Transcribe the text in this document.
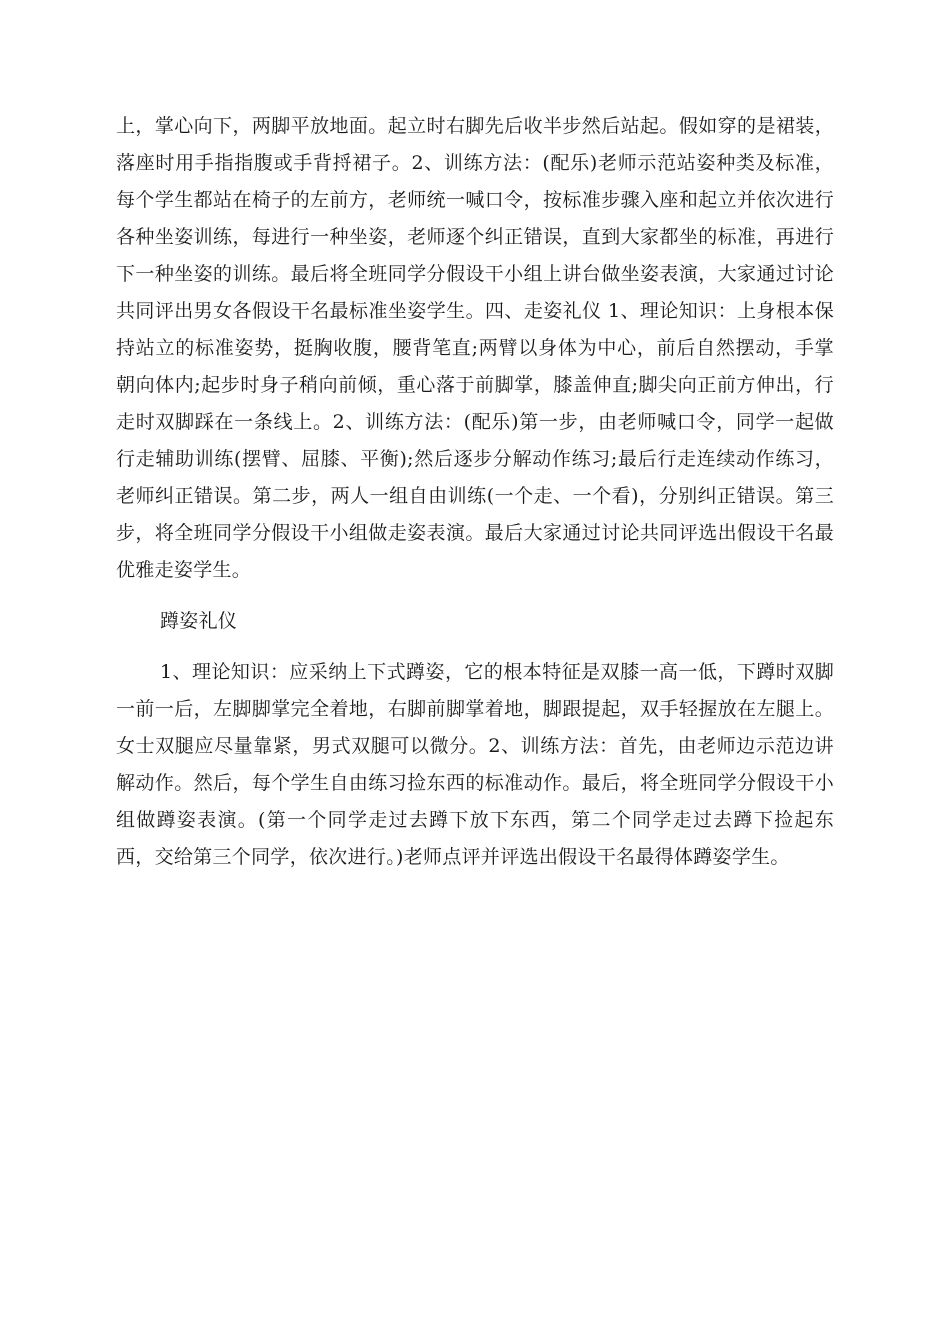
上，掌心向下，两脚平放地面。起立时右脚先后收半步然后站起。假如穿的是裙装，落座时用手指指腹或手背捋裙子。2、训练方法：(配乐)老师示范站姿种类及标准，每个学生都站在椅子的左前方，老师统一喊口令，按标准步骤入座和起立并依次进行各种坐姿训练，每进行一种坐姿，老师逐个纠正错误，直到大家都坐的标准，再进行下一种坐姿的训练。最后将全班同学分假设干小组上讲台做坐姿表演，大家通过讨论共同评出男女各假设干名最标准坐姿学生。四、走姿礼仪 1、理论知识：上身根本保持站立的标准姿势，挺胸收腹，腰背笔直;两臂以身体为中心，前后自然摆动，手掌朝向体内;起步时身子稍向前倾，重心落于前脚掌，膝盖伸直;脚尖向正前方伸出，行走时双脚踩在一条线上。2、训练方法：(配乐)第一步，由老师喊口令，同学一起做行走辅助训练(摆臂、屈膝、平衡);然后逐步分解动作练习;最后行走连续动作练习，老师纠正错误。第二步，两人一组自由训练(一个走、一个看)，分别纠正错误。第三步，将全班同学分假设干小组做走姿表演。最后大家通过讨论共同评选出假设干名最优雅走姿学生。

蹲姿礼仪

1、理论知识：应采纳上下式蹲姿，它的根本特征是双膝一高一低，下蹲时双脚一前一后，左脚脚掌完全着地，右脚前脚掌着地，脚跟提起，双手轻握放在左腿上。女士双腿应尽量靠紧，男式双腿可以微分。2、训练方法：首先，由老师边示范边讲解动作。然后，每个学生自由练习捡东西的标准动作。最后，将全班同学分假设干小组做蹲姿表演。(第一个同学走过去蹲下放下东西，第二个同学走过去蹲下捡起东西，交给第三个同学，依次进行。)老师点评并评选出假设干名最得体蹲姿学生。
